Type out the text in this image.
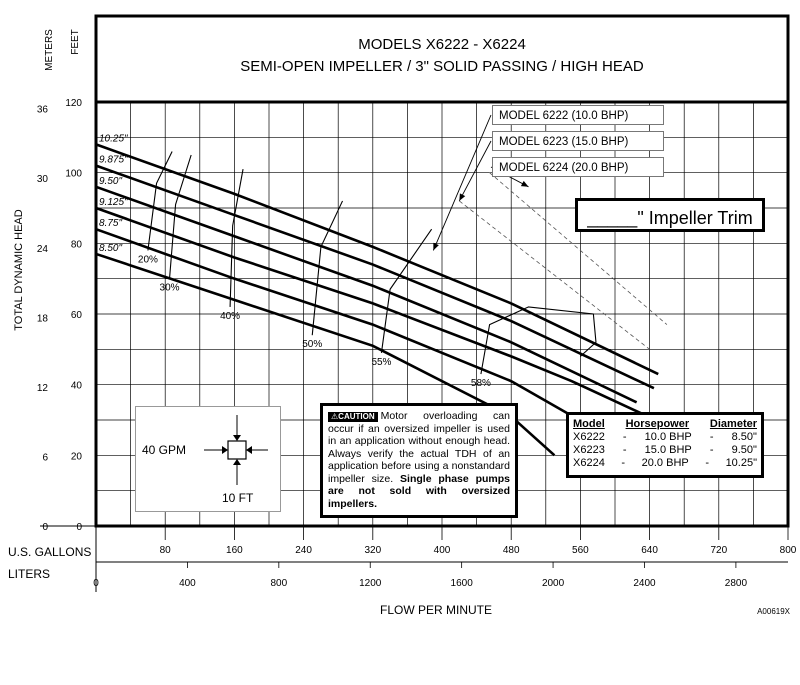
10.25"
9.875"
9.50"
9.125"
8.75"
8.50"
20%
30%
40%
50%
55%
58%
80	160	240	320	400	480	560	640	720	800
0	400	800	1200	1600	2000	2400	2800
0
20
40
60
80
100
120
0
6
12
18
24
30
36
TOTAL DYNAMIC HEAD
METERS FEET
U.S. GALLONS
LITERS
FLOW PER MINUTE	A00619X
MODELS X6222 - X6224
SEMI-OPEN IMPELLER / 3" SOLID PASSING / HIGH HEAD
MODEL 6222 (10.0 BHP)
MODEL 6223 (15.0 BHP)
MODEL 6224 (20.0 BHP)
_____" Impeller Trim
40 GPM
10 FT
⚠CAUTION Motor overloading can occur if an oversized impeller is used in an application without enough head. Always verify the actual TDH of an application before using a nonstandard impeller size. Single phase pumps are not sold with oversized impellers.
Model Horsepower Diameter
X6222 - 10.0 BHP - 8.50"
X6223 - 15.0 BHP - 9.50"
X6224 - 20.0 BHP - 10.25"
